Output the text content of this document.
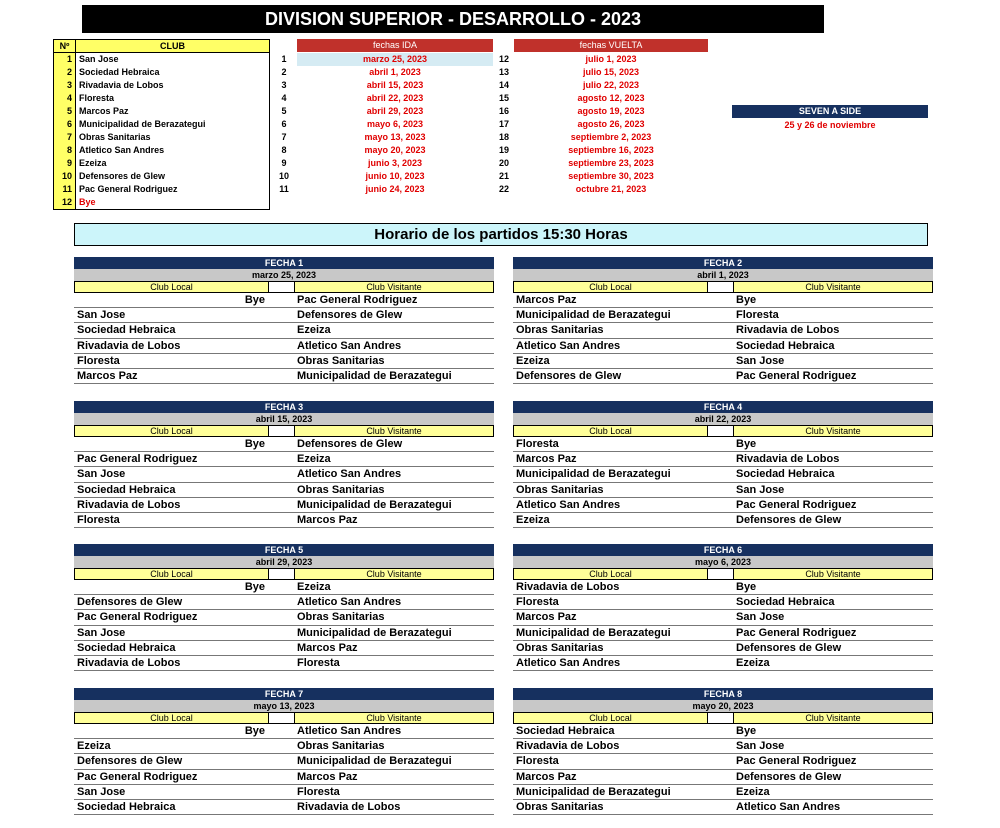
DIVISION SUPERIOR - DESARROLLO - 2023
Nº	CLUB
1 San Jose
2 Sociedad Hebraica
3 Rivadavia de Lobos
4 Floresta
5 Marcos Paz
6 Municipalidad de Berazategui
7 Obras Sanitarias
8 Atletico San Andres
9 Ezeiza
10 Defensores de Glew
11 Pac General Rodriguez
12 Bye
fechas IDA	fechas VUELTA
1	marzo 25, 2023	12	julio 1, 2023
2	abril 1, 2023	13	julio 15, 2023
3	abril 15, 2023	14	julio 22, 2023
4	abril 22, 2023	15	agosto 12, 2023
5	abril 29, 2023	16	agosto 19, 2023
6	mayo 6, 2023	17	agosto 26, 2023
7	mayo 13, 2023	18	septiembre 2, 2023
8	mayo 20, 2023	19	septiembre 16, 2023
9	junio 3, 2023	20	septiembre 23, 2023
10	junio 10, 2023	21	septiembre 30, 2023
11	junio 24, 2023	22	octubre 21, 2023
SEVEN A SIDE
25 y 26 de noviembre
Horario de los partidos 15:30 Horas
FECHA 1
marzo 25, 2023
Club Local	Club Visitante
Bye	Pac General Rodriguez
San Jose	Defensores de Glew
Sociedad Hebraica	Ezeiza
Rivadavia de Lobos	Atletico San Andres
Floresta	Obras Sanitarias
Marcos Paz	Municipalidad de Berazategui
FECHA 2
abril 1, 2023
Club Local	Club Visitante
Marcos Paz	Bye
Municipalidad de Berazategui	Floresta
Obras Sanitarias	Rivadavia de Lobos
Atletico San Andres	Sociedad Hebraica
Ezeiza	San Jose
Defensores de Glew	Pac General Rodriguez
FECHA 3
abril 15, 2023
Club Local	Club Visitante
Bye	Defensores de Glew
Pac General Rodriguez	Ezeiza
San Jose	Atletico San Andres
Sociedad Hebraica	Obras Sanitarias
Rivadavia de Lobos	Municipalidad de Berazategui
Floresta	Marcos Paz
FECHA 4
abril 22, 2023
Club Local	Club Visitante
Floresta	Bye
Marcos Paz	Rivadavia de Lobos
Municipalidad de Berazategui	Sociedad Hebraica
Obras Sanitarias	San Jose
Atletico San Andres	Pac General Rodriguez
Ezeiza	Defensores de Glew
FECHA 5
abril 29, 2023
Club Local	Club Visitante
Bye	Ezeiza
Defensores de Glew	Atletico San Andres
Pac General Rodriguez	Obras Sanitarias
San Jose	Municipalidad de Berazategui
Sociedad Hebraica	Marcos Paz
Rivadavia de Lobos	Floresta
FECHA 6
mayo 6, 2023
Club Local	Club Visitante
Rivadavia de Lobos	Bye
Floresta	Sociedad Hebraica
Marcos Paz	San Jose
Municipalidad de Berazategui	Pac General Rodriguez
Obras Sanitarias	Defensores de Glew
Atletico San Andres	Ezeiza
FECHA 7
mayo 13, 2023
Club Local	Club Visitante
Bye	Atletico San Andres
Ezeiza	Obras Sanitarias
Defensores de Glew	Municipalidad de Berazategui
Pac General Rodriguez	Marcos Paz
San Jose	Floresta
Sociedad Hebraica	Rivadavia de Lobos
FECHA 8
mayo 20, 2023
Club Local	Club Visitante
Sociedad Hebraica	Bye
Rivadavia de Lobos	San Jose
Floresta	Pac General Rodriguez
Marcos Paz	Defensores de Glew
Municipalidad de Berazategui	Ezeiza
Obras Sanitarias	Atletico San Andres
